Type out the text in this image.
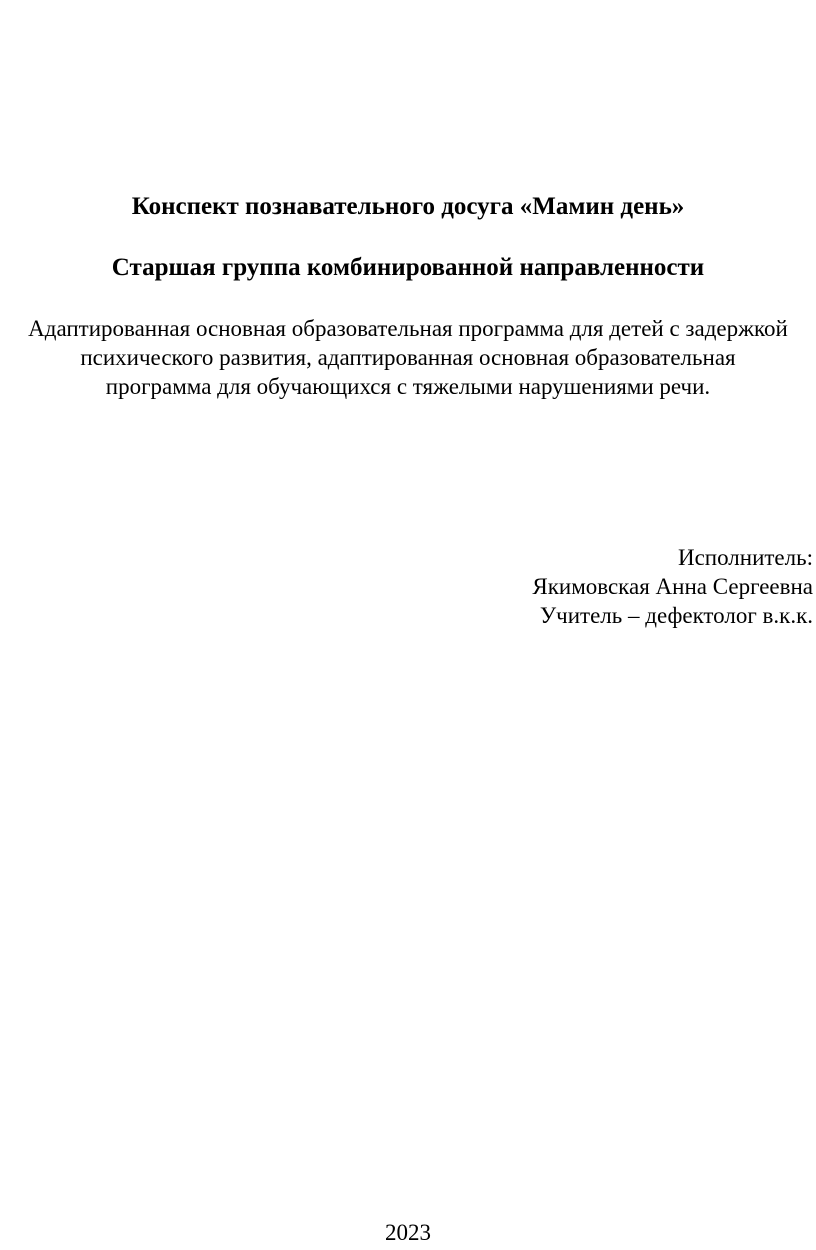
Конспект познавательного досуга «Мамин день»
Старшая группа комбинированной направленности

Адаптированная основная образовательная программа для детей с задержкой
психического развития, адаптированная основная образовательная
программа для обучающихся с тяжелыми нарушениями речи.

Исполнитель:
Якимовская Анна Сергеевна
Учитель – дефектолог в.к.к.
2023
